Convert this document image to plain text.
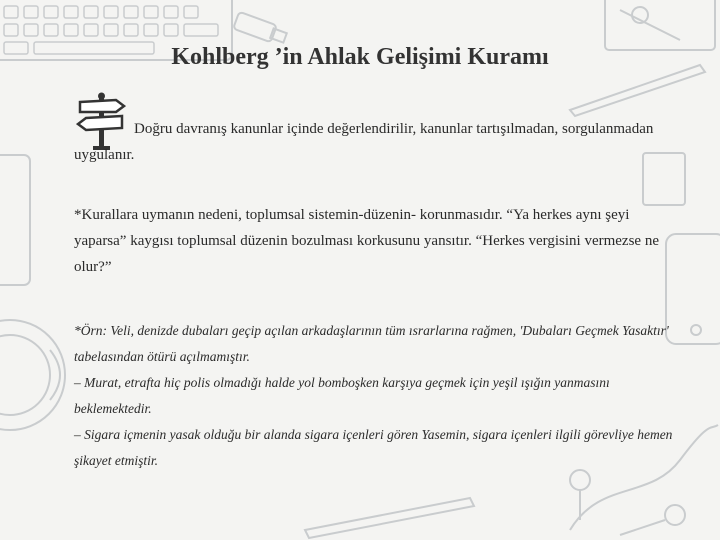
Kohlberg ’in Ahlak Gelişimi Kuramı
Doğru davranış kanunlar içinde değerlendirilir, kanunlar tartışılmadan, sorgulanmadan uygulanır.
*Kurallara uymanın nedeni, toplumsal sistemin-düzenin- korunmasıdır. “Ya herkes aynı şeyi yaparsa” kaygısı toplumsal düzenin bozulması korkusunu yansıtır. “Herkes vergisini vermezse ne olur?”
*Örn: Veli, denizde dubaları geçip açılan arkadaşlarının tüm ısrarlarına rağmen, 'Dubaları Geçmek Yasaktır' tabelasından ötürü açılmamıştır.
– Murat, etrafta hiç polis olmadığı halde yol bomboşken karşıya geçmek için yeşil ışığın yanmasını beklemektedir.
– Sigara içmenin yasak olduğu bir alanda sigara içenleri gören Yasemin, sigara içenleri ilgili görevliye hemen şikayet etmiştir.
